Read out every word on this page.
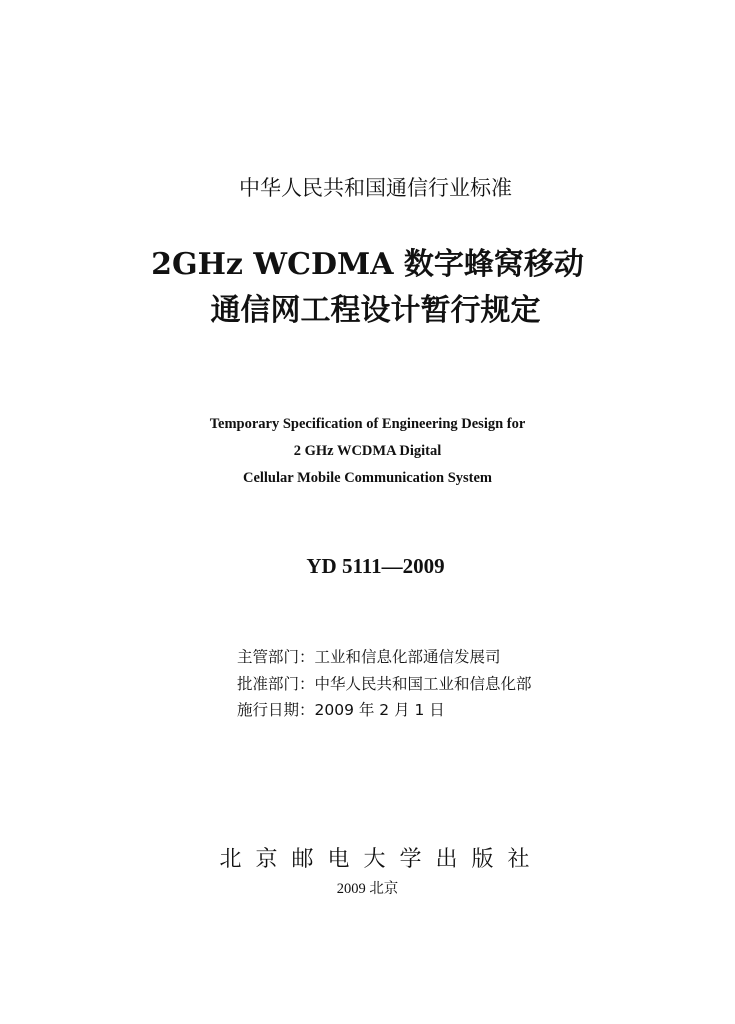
中华人民共和国通信行业标准
2GHz WCDMA 数字蜂窝移动
通信网工程设计暂行规定
Temporary Specification of Engineering Design for
2 GHz WCDMA Digital
Cellular Mobile Communication System
YD 5111—2009
主管部门：工业和信息化部通信发展司
批准部门：中华人民共和国工业和信息化部
施行日期：2009 年 2 月 1 日
北京邮电大学出版社
2009 北京
